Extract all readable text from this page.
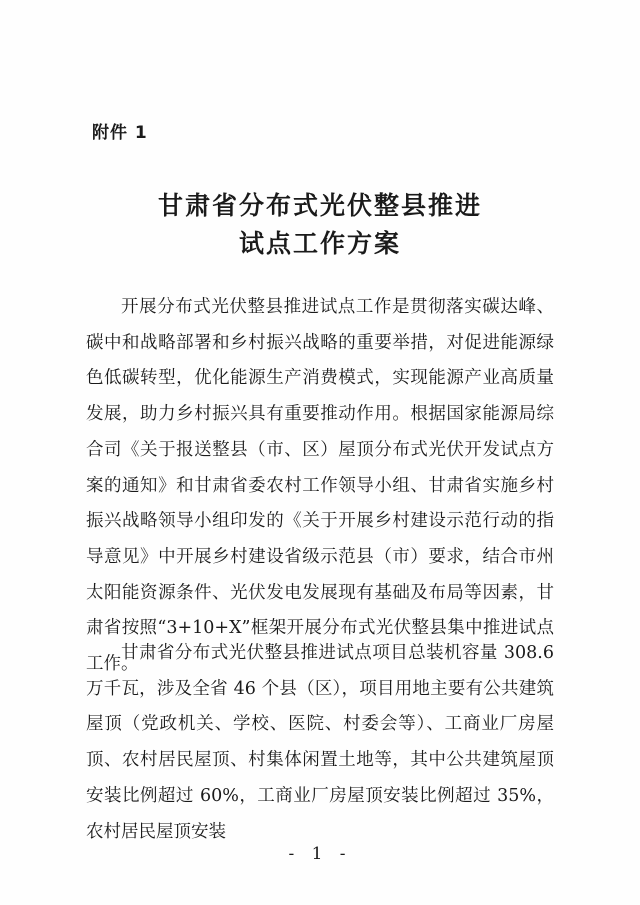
附件 1
甘肃省分布式光伏整县推进
试点工作方案

开展分布式光伏整县推进试点工作是贯彻落实碳达峰、碳中和战略部署和乡村振兴战略的重要举措，对促进能源绿色低碳转型，优化能源生产消费模式，实现能源产业高质量发展，助力乡村振兴具有重要推动作用。根据国家能源局综合司《关于报送整县（市、区）屋顶分布式光伏开发试点方案的通知》和甘肃省委农村工作领导小组、甘肃省实施乡村振兴战略领导小组印发的《关于开展乡村建设示范行动的指导意见》中开展乡村建设省级示范县（市）要求，结合市州太阳能资源条件、光伏发电发展现有基础及布局等因素，甘肃省按照“3+10+X”框架开展分布式光伏整县集中推进试点工作。

甘肃省分布式光伏整县推进试点项目总装机容量 308.6 万千瓦，涉及全省 46 个县（区），项目用地主要有公共建筑屋顶（党政机关、学校、医院、村委会等）、工商业厂房屋顶、农村居民屋顶、村集体闲置土地等，其中公共建筑屋顶安装比例超过 60%，工商业厂房屋顶安装比例超过 35%，农村居民屋顶安装

- 1 -
